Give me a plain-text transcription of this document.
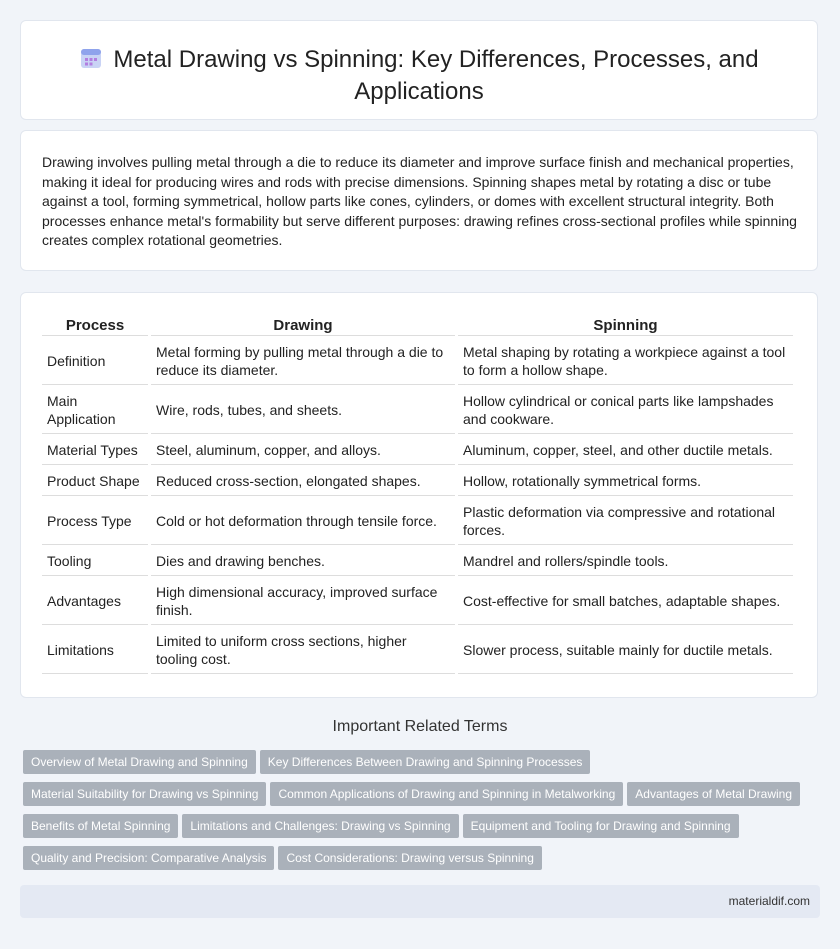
Metal Drawing vs Spinning: Key Differences, Processes, and Applications

Drawing involves pulling metal through a die to reduce its diameter and improve surface finish and mechanical properties, making it ideal for producing wires and rods with precise dimensions. Spinning shapes metal by rotating a disc or tube against a tool, forming symmetrical, hollow parts like cones, cylinders, or domes with excellent structural integrity. Both processes enhance metal's formability but serve different purposes: drawing refines cross-sectional profiles while spinning creates complex rotational geometries.

Process	Drawing	Spinning
Definition	Metal forming by pulling metal through a die to reduce its diameter.	Metal shaping by rotating a workpiece against a tool to form a hollow shape.
Main Application	Wire, rods, tubes, and sheets.	Hollow cylindrical or conical parts like lampshades and cookware.
Material Types	Steel, aluminum, copper, and alloys.	Aluminum, copper, steel, and other ductile metals.
Product Shape	Reduced cross-section, elongated shapes.	Hollow, rotationally symmetrical forms.
Process Type	Cold or hot deformation through tensile force.	Plastic deformation via compressive and rotational forces.
Tooling	Dies and drawing benches.	Mandrel and rollers/spindle tools.
Advantages	High dimensional accuracy, improved surface finish.	Cost-effective for small batches, adaptable shapes.
Limitations	Limited to uniform cross sections, higher tooling cost.	Slower process, suitable mainly for ductile metals.
Important Related Terms
Overview of Metal Drawing and Spinning Key Differences Between Drawing and Spinning Processes
Material Suitability for Drawing vs Spinning Common Applications of Drawing and Spinning in Metalworking Advantages of Metal Drawing
Benefits of Metal Spinning Limitations and Challenges: Drawing vs Spinning Equipment and Tooling for Drawing and Spinning
Quality and Precision: Comparative Analysis Cost Considerations: Drawing versus Spinning
materialdif.com
